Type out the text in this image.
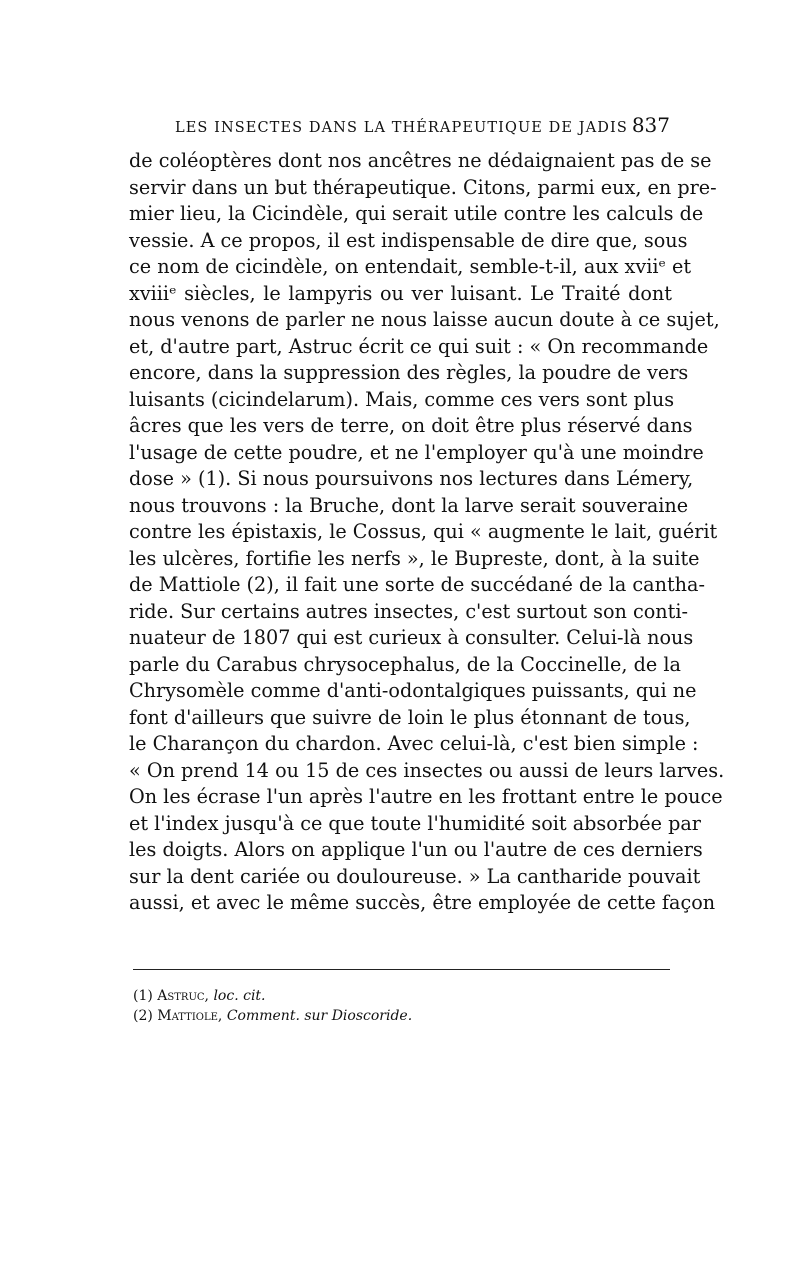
LES INSECTES DANS LA THÉRAPEUTIQUE DE JADIS 837
de coléoptères dont nos ancêtres ne dédaignaient pas de se
servir dans un but thérapeutique. Citons, parmi eux, en pre-
mier lieu, la Cicindèle, qui serait utile contre les calculs de
vessie. A ce propos, il est indispensable de dire que, sous
ce nom de cicindèle, on entendait, semble-t-il, aux xviiᵉ et
xviiiᵉ siècles, le lampyris ou ver luisant. Le Traité dont
nous venons de parler ne nous laisse aucun doute à ce sujet,
et, d'autre part, Astruc écrit ce qui suit : « On recommande
encore, dans la suppression des règles, la poudre de vers
luisants (cicindelarum). Mais, comme ces vers sont plus
âcres que les vers de terre, on doit être plus réservé dans
l'usage de cette poudre, et ne l'employer qu'à une moindre
dose » (1). Si nous poursuivons nos lectures dans Lémery,
nous trouvons : la Bruche, dont la larve serait souveraine
contre les épistaxis, le Cossus, qui « augmente le lait, guérit
les ulcères, fortifie les nerfs », le Bupreste, dont, à la suite
de Mattiole (2), il fait une sorte de succédané de la cantha-
ride. Sur certains autres insectes, c'est surtout son conti-
nuateur de 1807 qui est curieux à consulter. Celui-là nous
parle du Carabus chrysocephalus, de la Coccinelle, de la
Chrysomèle comme d'anti-odontalgiques puissants, qui ne
font d'ailleurs que suivre de loin le plus étonnant de tous,
le Charançon du chardon. Avec celui-là, c'est bien simple :
« On prend 14 ou 15 de ces insectes ou aussi de leurs larves.
On les écrase l'un après l'autre en les frottant entre le pouce
et l'index jusqu'à ce que toute l'humidité soit absorbée par
les doigts. Alors on applique l'un ou l'autre de ces derniers
sur la dent cariée ou douloureuse. » La cantharide pouvait
aussi, et avec le même succès, être employée de cette façon
(1) Astruc, loc. cit.
(2) Mattiole, Comment. sur Dioscoride.
